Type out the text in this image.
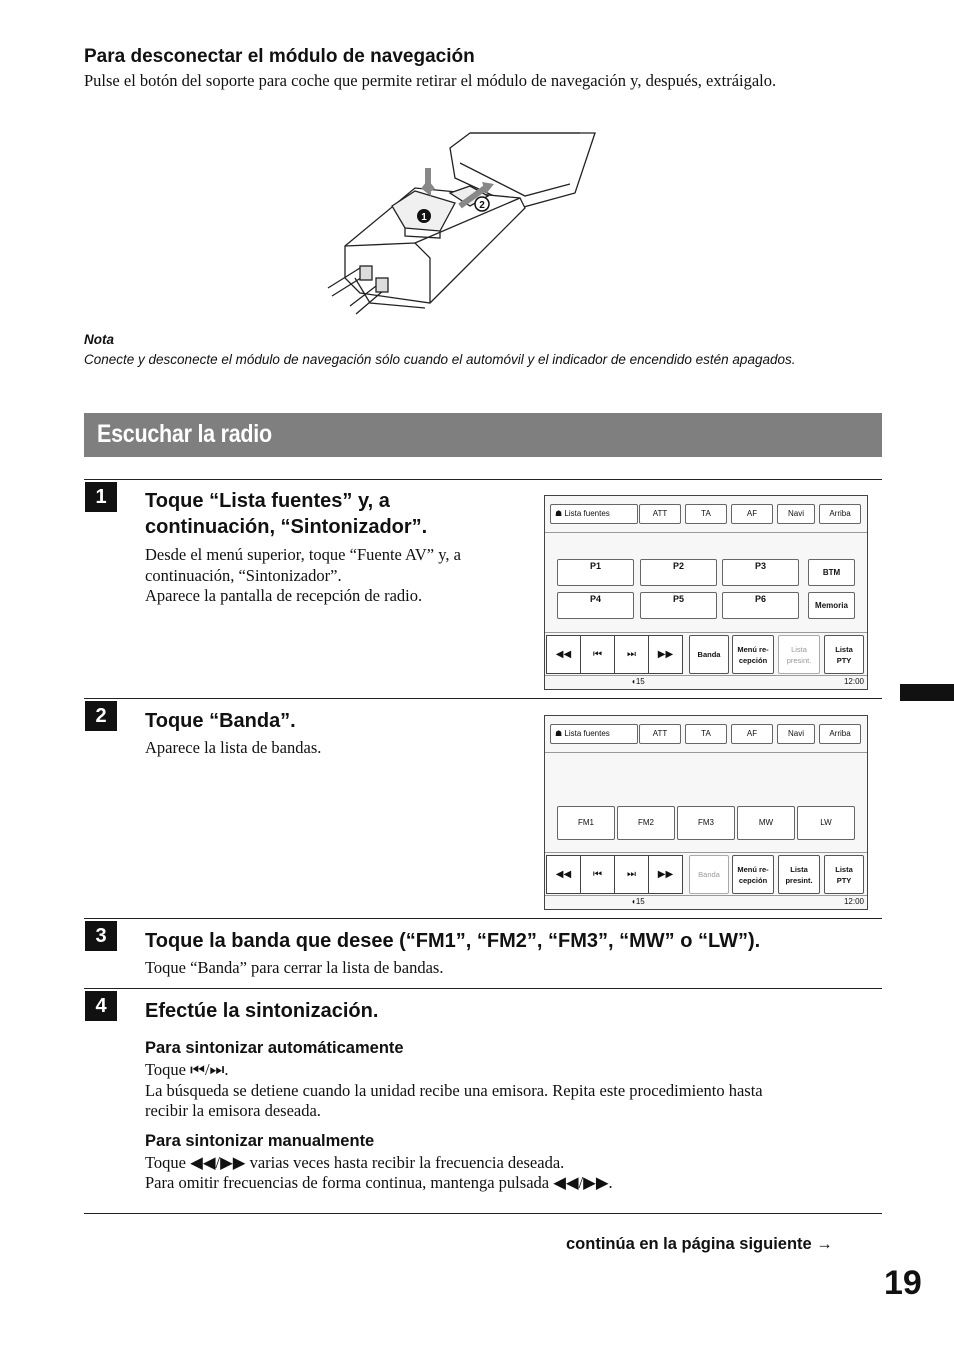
Para desconectar el módulo de navegación
Pulse el botón del soporte para coche que permite retirar el módulo de navegación y, después, extráigalo.
1
2
Nota
Conecte y desconecte el módulo de navegación sólo cuando el automóvil y el indicador de encendido estén apagados.
Escuchar la radio
1	Toque “Lista fuentes” y, a
continuación, “Sintonizador”.
Desde el menú superior, toque “Fuente AV” y, a
continuación, “Sintonizador”.
Aparece la pantalla de recepción de radio.
☗ Lista fuentes	ATT	TA	AF	Navi	Arriba
P1	P2	P3
BTM
P4	P5	P6
Memoria
◀◀	⏮	⏭	▶▶	Banda
Menú re-
cepción
Lista
presint.
Lista
PTY
◖15	12:00
2	Toque “Banda”.
Aparece la lista de bandas.
☗ Lista fuentes	ATT	TA	AF	Navi	Arriba
FM1	FM2	FM3	MW	LW
◀◀	⏮	⏭	▶▶	Banda
Menú re-
cepción
Lista
presint.
Lista
PTY
◖15	12:00
3	Toque la banda que desee (“FM1”, “FM2”, “FM3”, “MW” o “LW”).
Toque “Banda” para cerrar la lista de bandas.
4	Efectúe la sintonización.
Para sintonizar automáticamente
Toque ⏮/⏭.
La búsqueda se detiene cuando la unidad recibe una emisora. Repita este procedimiento hasta
recibir la emisora deseada.
Para sintonizar manualmente
Toque ◀◀/▶▶ varias veces hasta recibir la frecuencia deseada.
Para omitir frecuencias de forma continua, mantenga pulsada ◀◀/▶▶.
continúa en la página siguiente →
19
